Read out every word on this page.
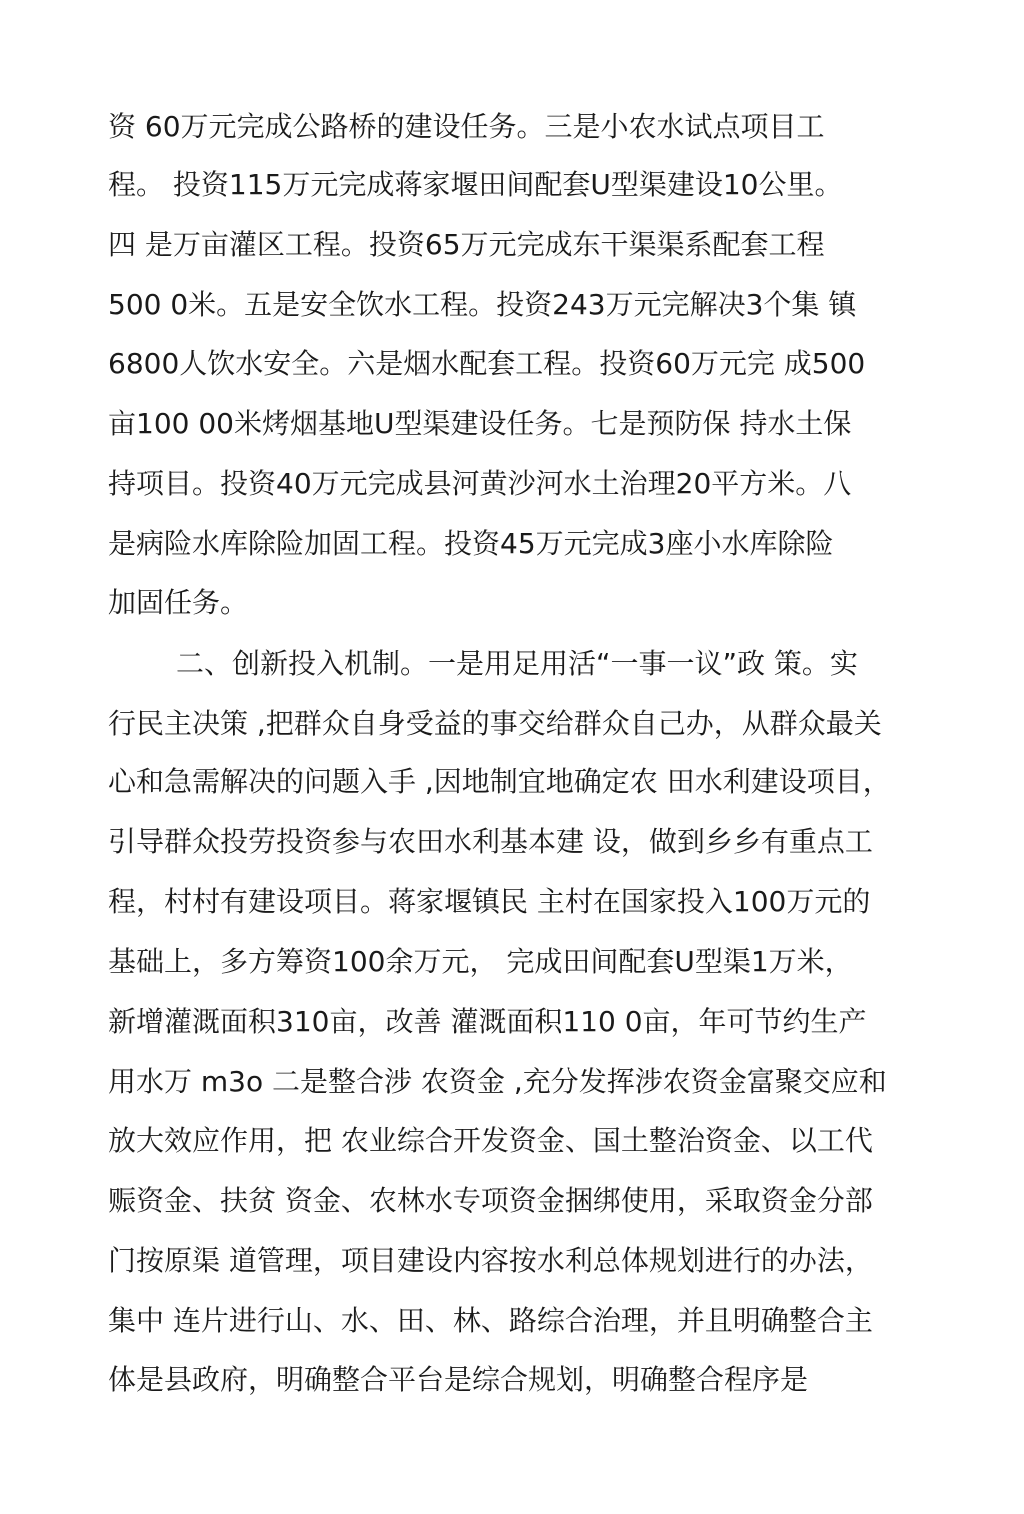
资 60万元完成公路桥的建设任务。三是小农水试点项目工
程。 投资115万元完成蒋家堰田间配套U型渠建设10公里。
四 是万亩灌区工程。投资65万元完成东干渠渠系配套工程
500 0米。五是安全饮水工程。投资243万元完解决3个集 镇
6800人饮水安全。六是烟水配套工程。投资60万元完 成500
亩100 00米烤烟基地U型渠建设任务。七是预防保 持水土保
持项目。投资40万元完成县河黄沙河水土治理20平方米。八
是病险水库除险加固工程。投资45万元完成3座小水库除险
加固任务。
二、创新投入机制。一是用足用活“一事一议”政 策。实
行民主决策 ,把群众自身受益的事交给群众自己办，从群众最关
心和急需解决的问题入手 ,因地制宜地确定农 田水利建设项目，
引导群众投劳投资参与农田水利基本建 设，做到乡乡有重点工
程，村村有建设项目。蒋家堰镇民 主村在国家投入100万元的
基础上，多方筹资100余万元， 完成田间配套U型渠1万米，
新增灌溉面积310亩，改善 灌溉面积110 0亩，年可节约生产
用水万 m3o 二是整合涉 农资金 ,充分发挥涉农资金富聚交应和
放大效应作用，把 农业综合开发资金、国土整治资金、以工代
赈资金、扶贫 资金、农林水专项资金捆绑使用，采取资金分部
门按原渠 道管理，项目建设内容按水利总体规划进行的办法，
集中 连片进行山、水、田、林、路综合治理，并且明确整合主
体是县政府，明确整合平台是综合规划，明确整合程序是
